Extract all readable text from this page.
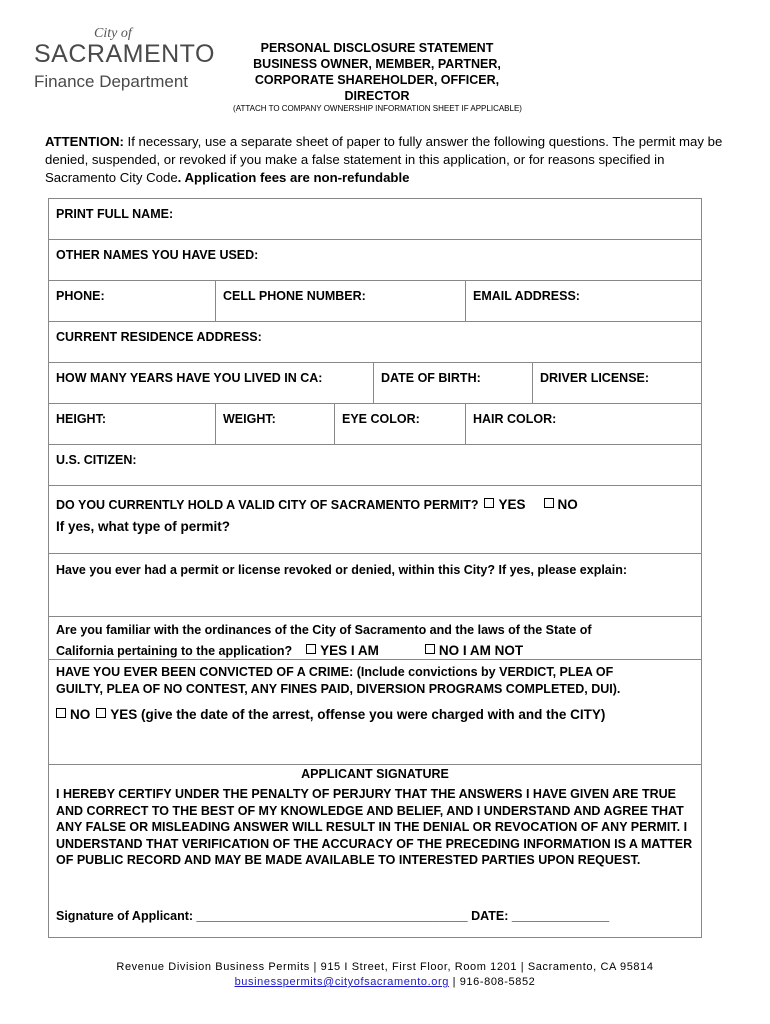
City of
SACRAMENTO
Finance Department
PERSONAL DISCLOSURE STATEMENT
BUSINESS OWNER, MEMBER, PARTNER,
CORPORATE SHAREHOLDER, OFFICER,
DIRECTOR
(ATTACH TO COMPANY OWNERSHIP INFORMATION SHEET IF APPLICABLE)
ATTENTION: If necessary, use a separate sheet of paper to fully answer the following questions. The permit may be denied, suspended, or revoked if you make a false statement in this application, or for reasons specified in Sacramento City Code. Application fees are non-refundable
PRINT FULL NAME:
OTHER NAMES YOU HAVE USED:
PHONE:	CELL PHONE NUMBER:	EMAIL ADDRESS:
CURRENT RESIDENCE ADDRESS:
HOW MANY YEARS HAVE YOU LIVED IN CA:	DATE OF BIRTH:	DRIVER LICENSE:
HEIGHT:	WEIGHT:	EYE COLOR:	HAIR COLOR:
U.S. CITIZEN:
DO YOU CURRENTLY HOLD A VALID CITY OF SACRAMENTO PERMIT? YES NO
If yes, what type of permit?
Have you ever had a permit or license revoked or denied, within this City? If yes, please explain:
Are you familiar with the ordinances of the City of Sacramento and the laws of the State of
California pertaining to the application? YES I AM	NO I AM NOT
HAVE YOU EVER BEEN CONVICTED OF A CRIME: (Include convictions by VERDICT, PLEA OF
GUILTY, PLEA OF NO CONTEST, ANY FINES PAID, DIVERSION PROGRAMS COMPLETED, DUI).
NO YES (give the date of the arrest, offense you were charged with and the CITY)
APPLICANT SIGNATURE
I HEREBY CERTIFY UNDER THE PENALTY OF PERJURY THAT THE ANSWERS I HAVE GIVEN ARE TRUE AND CORRECT TO THE BEST OF MY KNOWLEDGE AND BELIEF, AND I UNDERSTAND AND AGREE THAT ANY FALSE OR MISLEADING ANSWER WILL RESULT IN THE DENIAL OR REVOCATION OF ANY PERMIT. I UNDERSTAND THAT VERIFICATION OF THE ACCURACY OF THE PRECEDING INFORMATION IS A MATTER OF PUBLIC RECORD AND MAY BE MADE AVAILABLE TO INTERESTED PARTIES UPON REQUEST.
Signature of Applicant: _______________________________________ DATE: ______________
Revenue Division Business Permits | 915 I Street, First Floor, Room 1201 | Sacramento, CA 95814
businesspermits@cityofsacramento.org | 916-808-5852
